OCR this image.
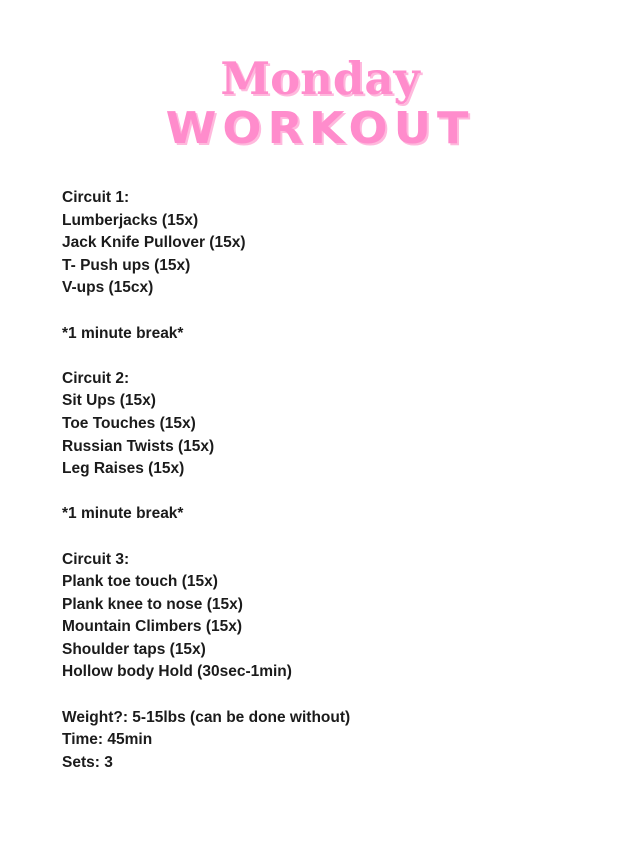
Monday
WORKOUT
Circuit 1:
Lumberjacks (15x)
Jack Knife Pullover (15x)
T- Push ups (15x)
V-ups (15cx)
*1 minute break*
Circuit 2:
Sit Ups (15x)
Toe Touches (15x)
Russian Twists (15x)
Leg Raises (15x)
*1 minute break*
Circuit 3:
Plank toe touch (15x)
Plank knee to nose (15x)
Mountain Climbers (15x)
Shoulder taps (15x)
Hollow body Hold (30sec-1min)
Weight?: 5-15lbs (can be done without)
Time: 45min
Sets: 3
